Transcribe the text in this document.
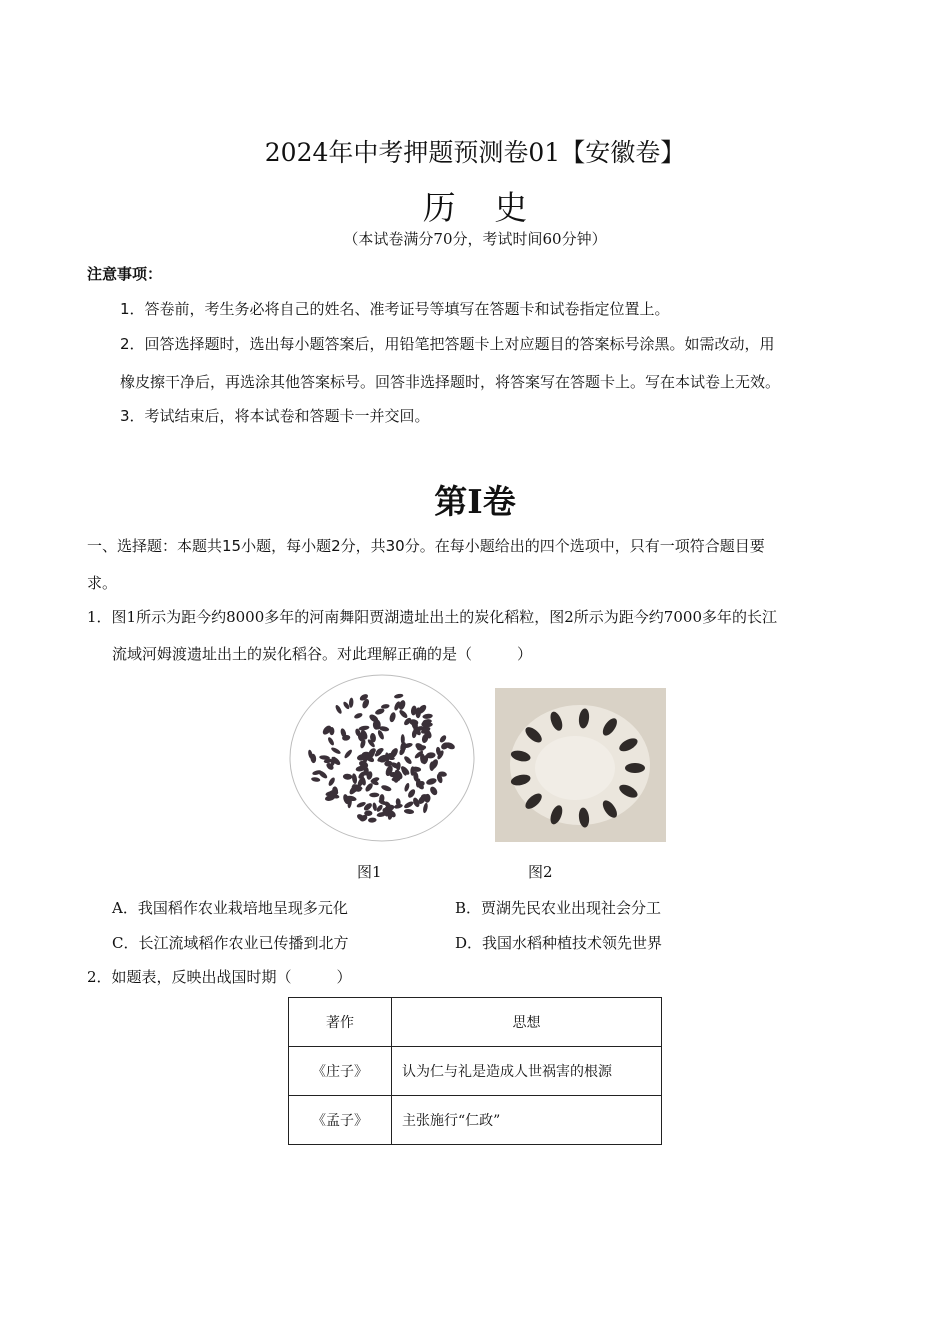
2024年中考押题预测卷01【安徽卷】
历 史
（本试卷满分70分，考试时间60分钟）
注意事项：
1．答卷前，考生务必将自己的姓名、准考证号等填写在答题卡和试卷指定位置上。
2．回答选择题时，选出每小题答案后，用铅笔把答题卡上对应题目的答案标号涂黑。如需改动，用
橡皮擦干净后，再选涂其他答案标号。回答非选择题时，将答案写在答题卡上。写在本试卷上无效。
3．考试结束后，将本试卷和答题卡一并交回。
第Ⅰ卷
一、选择题：本题共15小题，每小题2分，共30分。在每小题给出的四个选项中，只有一项符合题目要
求。
1．图1所示为距今约8000多年的河南舞阳贾湖遗址出土的炭化稻粒，图2所示为距今约7000多年的长江
流域河姆渡遗址出土的炭化稻谷。对此理解正确的是（　　　）
图1	图2
A．我国稻作农业栽培地呈现多元化	B．贾湖先民农业出现社会分工
C．长江流域稻作农业已传播到北方	D．我国水稻种植技术领先世界
2．如题表，反映出战国时期（　　　）
著作	思想
《庄子》	认为仁与礼是造成人世祸害的根源
《孟子》	主张施行“仁政”
